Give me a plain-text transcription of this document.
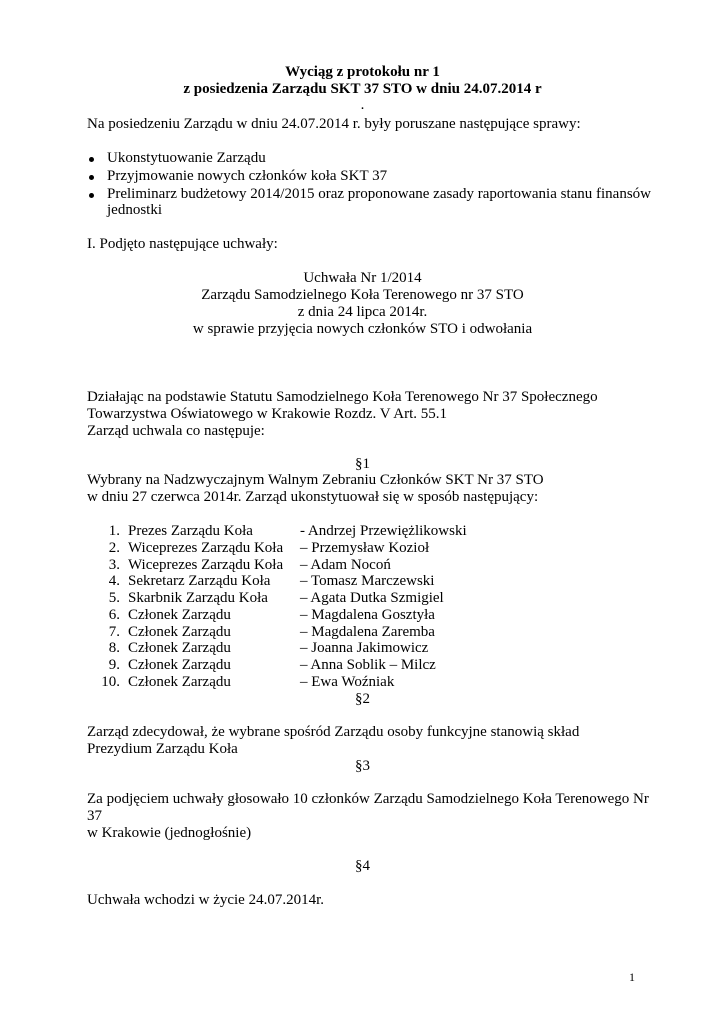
Wyciąg z protokołu nr 1
z posiedzenia Zarządu SKT 37 STO w dniu 24.07.2014 r
.
Na posiedzeniu Zarządu w dniu 24.07.2014 r. były poruszane następujące sprawy:
Ukonstytuowanie Zarządu
Przyjmowanie nowych członków koła SKT 37
Preliminarz budżetowy 2014/2015 oraz proponowane zasady raportowania stanu finansów
jednostki
I. Podjęto następujące uchwały:
Uchwała Nr 1/2014
Zarządu Samodzielnego Koła Terenowego nr 37 STO
z dnia 24 lipca 2014r.
w sprawie przyjęcia nowych członków STO i odwołania
Działając na podstawie Statutu Samodzielnego Koła Terenowego Nr 37 Społecznego
Towarzystwa Oświatowego w Krakowie Rozdz. V Art. 55.1
Zarząd uchwala co następuje:
§1
Wybrany na Nadzwyczajnym Walnym Zebraniu Członków SKT Nr 37 STO
w dniu 27 czerwca 2014r. Zarząd ukonstytuował się w sposób następujący:
1. Prezes Zarządu Koła	- Andrzej Przewiężlikowski
2. Wiceprezes Zarządu Koła – Przemysław Kozioł
3. Wiceprezes Zarządu Koła – Adam Nocoń
4. Sekretarz Zarządu Koła – Tomasz Marczewski
5. Skarbnik Zarządu Koła – Agata Dutka Szmigiel
6. Członek Zarządu	– Magdalena Gosztyła
7. Członek Zarządu	– Magdalena Zaremba
8. Członek Zarządu	– Joanna Jakimowicz
9. Członek Zarządu	– Anna Soblik – Milcz
10. Członek Zarządu	– Ewa Woźniak
§2
Zarząd zdecydował, że wybrane spośród Zarządu osoby funkcyjne stanowią skład
Prezydium Zarządu Koła
§3
Za podjęciem uchwały głosowało 10 członków Zarządu Samodzielnego Koła Terenowego Nr
37
w Krakowie (jednogłośnie)
§4
Uchwała wchodzi w życie 24.07.2014r.
1
